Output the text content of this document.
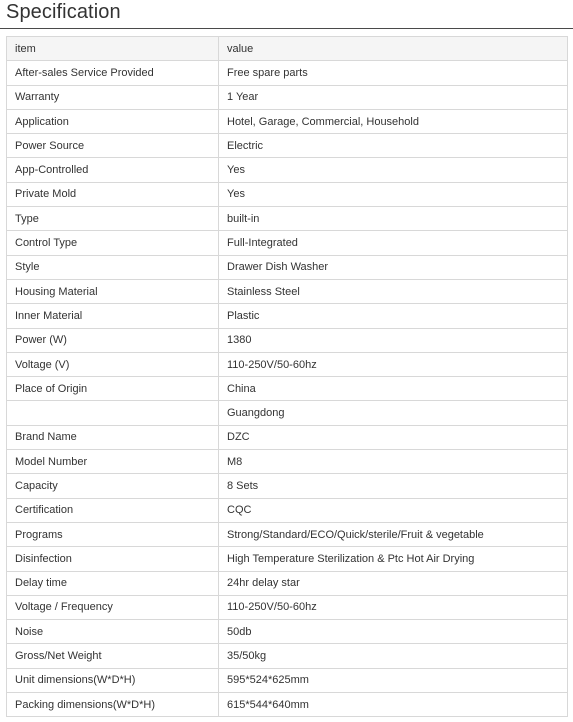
Specification
item	value
After-sales Service Provided	Free spare parts
Warranty	1 Year
Application	Hotel, Garage, Commercial, Household
Power Source	Electric
App-Controlled	Yes
Private Mold	Yes
Type	built-in
Control Type	Full-Integrated
Style	Drawer Dish Washer
Housing Material	Stainless Steel
Inner Material	Plastic
Power (W)	1380
Voltage (V)	110-250V/50-60hz
Place of Origin	China
	Guangdong
Brand Name	DZC
Model Number	M8
Capacity	8 Sets
Certification	CQC
Programs	Strong/Standard/ECO/Quick/sterile/Fruit & vegetable
Disinfection	High Temperature Sterilization & Ptc Hot Air Drying
Delay time	24hr delay star
Voltage / Frequency	110-250V/50-60hz
Noise	50db
Gross/Net Weight	35/50kg
Unit dimensions(W*D*H)	595*524*625mm
Packing dimensions(W*D*H)	615*544*640mm
